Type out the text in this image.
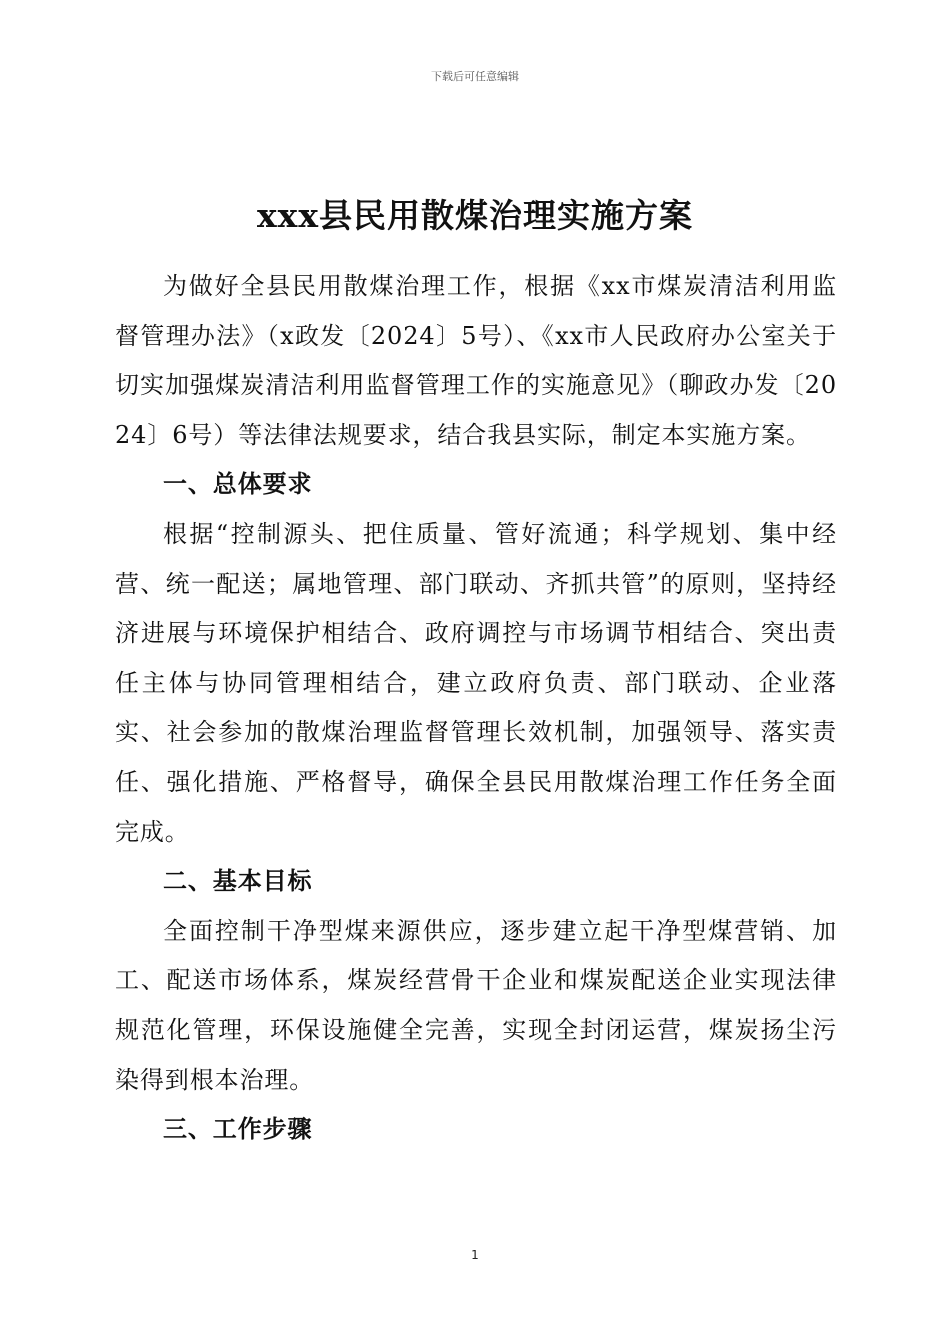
下载后可任意编辑
xxx县民用散煤治理实施方案

为做好全县民用散煤治理工作，根据《xx市煤炭清洁利用监督管理办法》（x政发〔2024〕5号）、《xx市人民政府办公室关于切实加强煤炭清洁利用监督管理工作的实施意见》（聊政办发〔2024〕6号）等法律法规要求，结合我县实际，制定本实施方案。

一、总体要求

根据“控制源头、把住质量、管好流通；科学规划、集中经营、统一配送；属地管理、部门联动、齐抓共管”的原则，坚持经济进展与环境保护相结合、政府调控与市场调节相结合、突出责任主体与协同管理相结合，建立政府负责、部门联动、企业落实、社会参加的散煤治理监督管理长效机制，加强领导、落实责任、强化措施、严格督导，确保全县民用散煤治理工作任务全面完成。

二、基本目标

全面控制干净型煤来源供应，逐步建立起干净型煤营销、加工、配送市场体系，煤炭经营骨干企业和煤炭配送企业实现法律规范化管理，环保设施健全完善，实现全封闭运营，煤炭扬尘污染得到根本治理。

三、工作步骤

1
